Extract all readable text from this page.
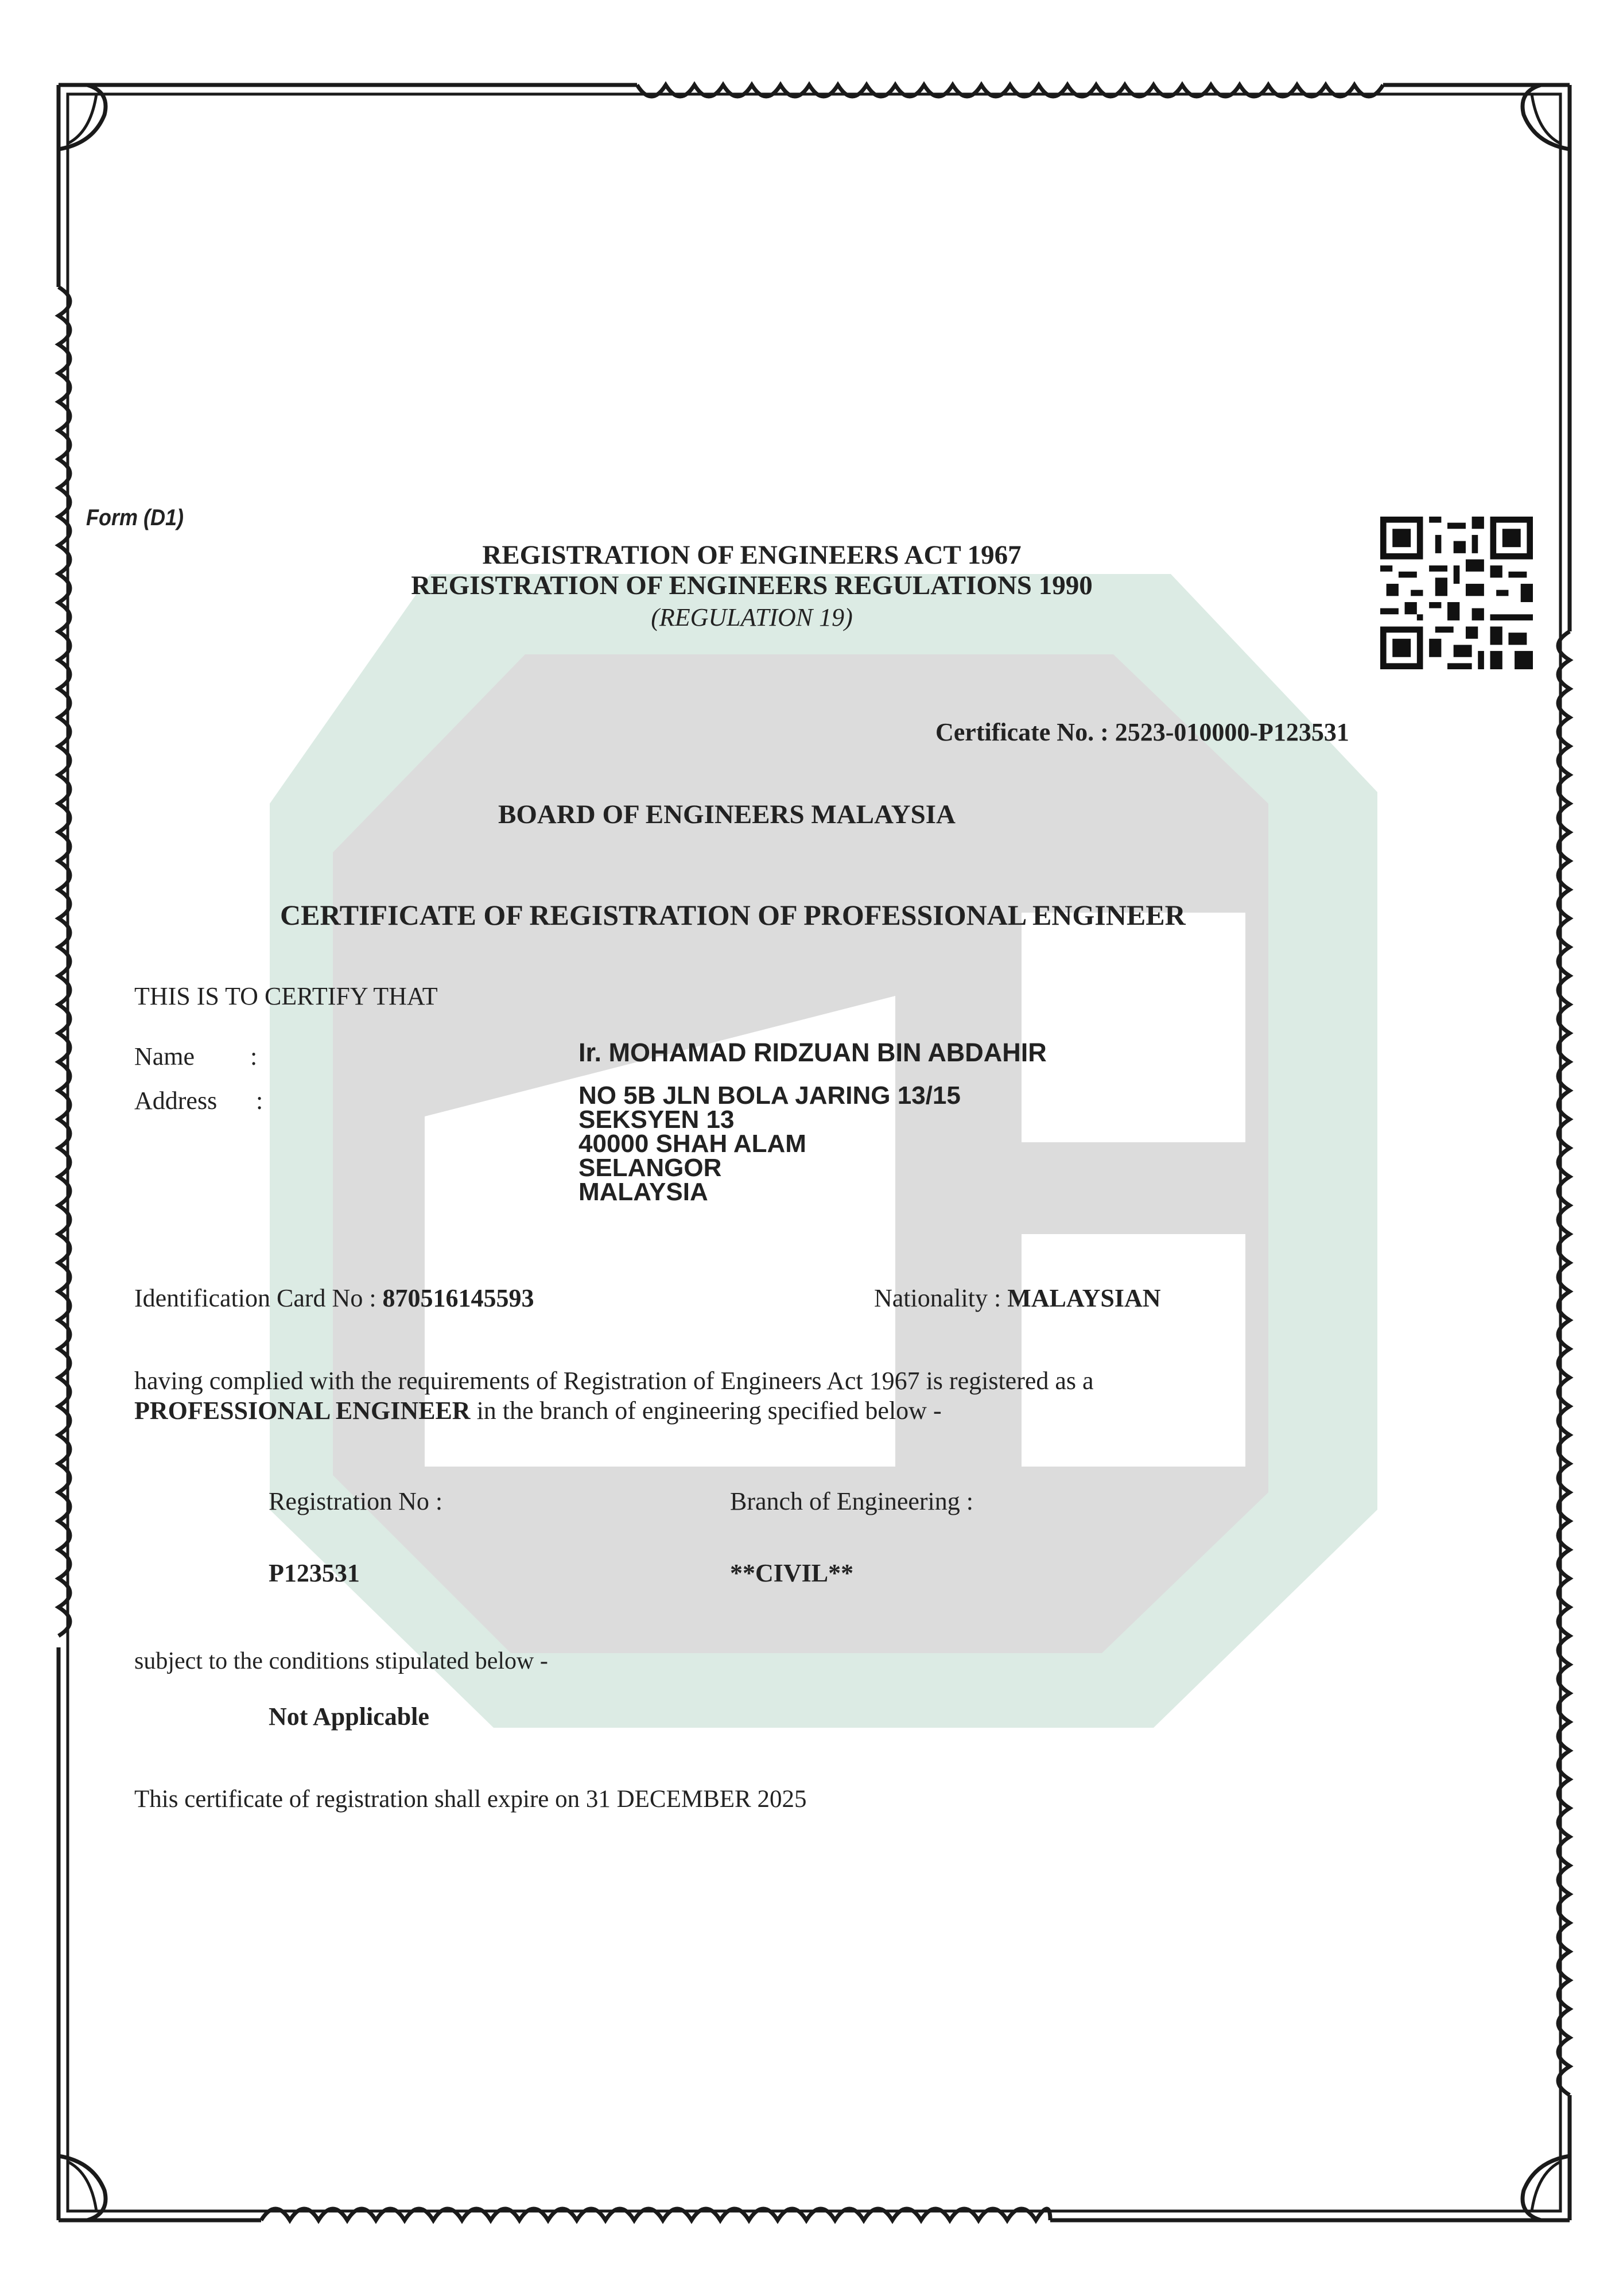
Form (D1)
REGISTRATION OF ENGINEERS ACT 1967
REGISTRATION OF ENGINEERS REGULATIONS 1990
(REGULATION 19)
Certificate No. : 2523-010000-P123531
BOARD OF ENGINEERS MALAYSIA
CERTIFICATE OF REGISTRATION OF PROFESSIONAL ENGINEER
THIS IS TO CERTIFY THAT
Name :	Ir. MOHAMAD RIDZUAN BIN ABDAHIR
Address :	NO 5B JLN BOLA JARING 13/15
SEKSYEN 13
40000 SHAH ALAM
SELANGOR
MALAYSIA
Identification Card No : 870516145593	Nationality : MALAYSIAN
having complied with the requirements of Registration of Engineers Act 1967 is registered as a
PROFESSIONAL ENGINEER in the branch of engineering specified below -
Registration No :	Branch of Engineering :
P123531	**CIVIL**
subject to the conditions stipulated below -
Not Applicable
This certificate of registration shall expire on 31 DECEMBER 2025
